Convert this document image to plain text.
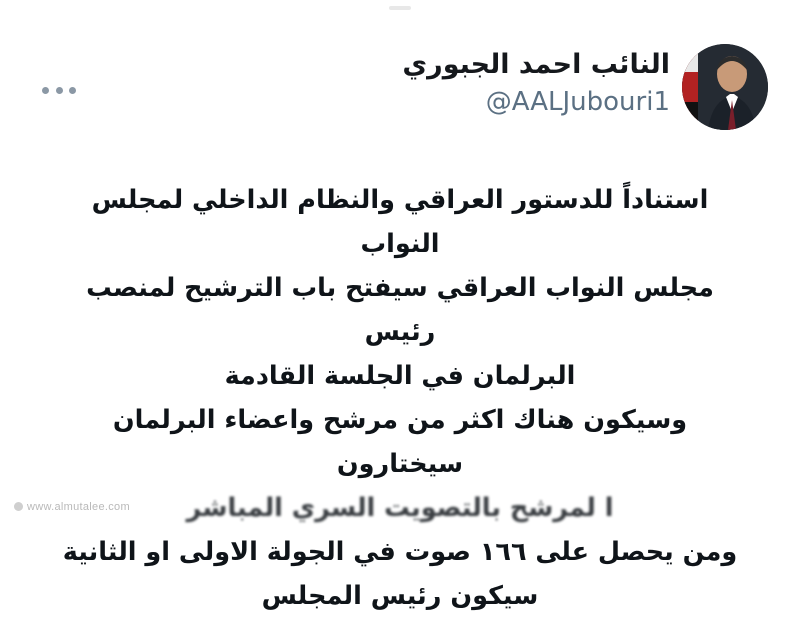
النائب احمد الجبوري
@AALJubouri1

استناداً للدستور العراقي والنظام الداخلي لمجلس النواب

مجلس النواب العراقي سيفتح باب الترشيح لمنصب رئيس

البرلمان في الجلسة القادمة

وسيكون هناك اكثر من مرشح واعضاء البرلمان سيختارون

ا لمرشح بالتصويت السري المباشر

ومن يحصل على ١٦٦ صوت في الجولة الاولى او الثانية

سيكون رئيس المجلس

www.almutalee.com
